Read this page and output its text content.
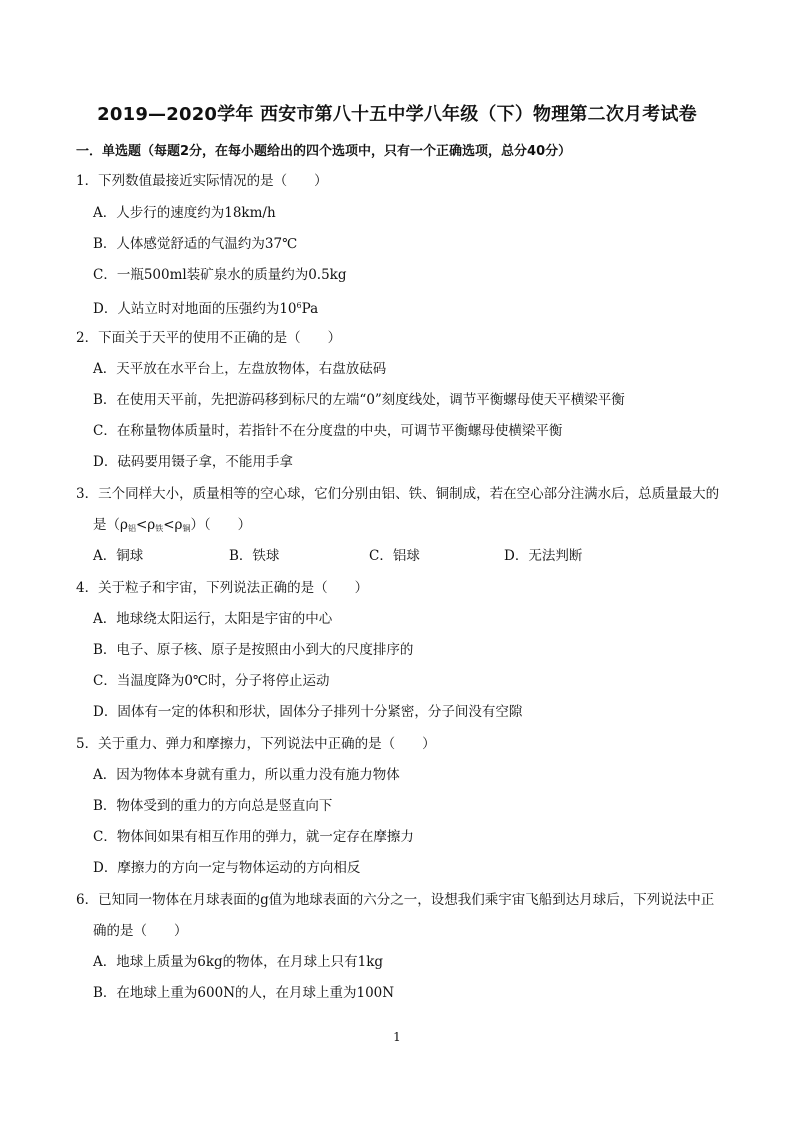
2019—2020学年 西安市第八十五中学八年级（下）物理第二次月考试卷
一．单选题（每题2分，在每小题给出的四个选项中，只有一个正确选项，总分40分）
1．下列数值最接近实际情况的是（　　）
A．人步行的速度约为18km/h
B．人体感觉舒适的气温约为37℃
C．一瓶500ml装矿泉水的质量约为0.5kg
D．人站立时对地面的压强约为$10^6Pa$
2．下面关于天平的使用不正确的是（　　）
A．天平放在水平台上，左盘放物体，右盘放砝码
B．在使用天平前，先把游码移到标尺的左端“0”刻度线处，调节平衡螺母使天平横梁平衡
C．在称量物体质量时，若指针不在分度盘的中央，可调节平衡螺母使横梁平衡
D．砝码要用镊子拿，不能用手拿
3．三个同样大小，质量相等的空心球，它们分别由铝、铁、铜制成，若在空心部分注满水后，总质量最大的
是$(\rho_铝<\rho_铁<\rho_铜)$（　　）
A．铜球	B．铁球	C．铝球	D．无法判断
4．关于粒子和宇宙，下列说法正确的是（　　）
A．地球绕太阳运行，太阳是宇宙的中心
B．电子、原子核、原子是按照由小到大的尺度排序的
C．当温度降为0℃时，分子将停止运动
D．固体有一定的体积和形状，固体分子排列十分紧密，分子间没有空隙
5．关于重力、弹力和摩擦力，下列说法中正确的是（　　）
A．因为物体本身就有重力，所以重力没有施力物体
B．物体受到的重力的方向总是竖直向下
C．物体间如果有相互作用的弹力，就一定存在摩擦力
D．摩擦力的方向一定与物体运动的方向相反
6．已知同一物体在月球表面的g值为地球表面的六分之一，设想我们乘宇宙飞船到达月球后，下列说法中正
确的是（　　）
A．地球上质量为6kg的物体，在月球上只有1kg
B．在地球上重为600N的人，在月球上重为100N
1
